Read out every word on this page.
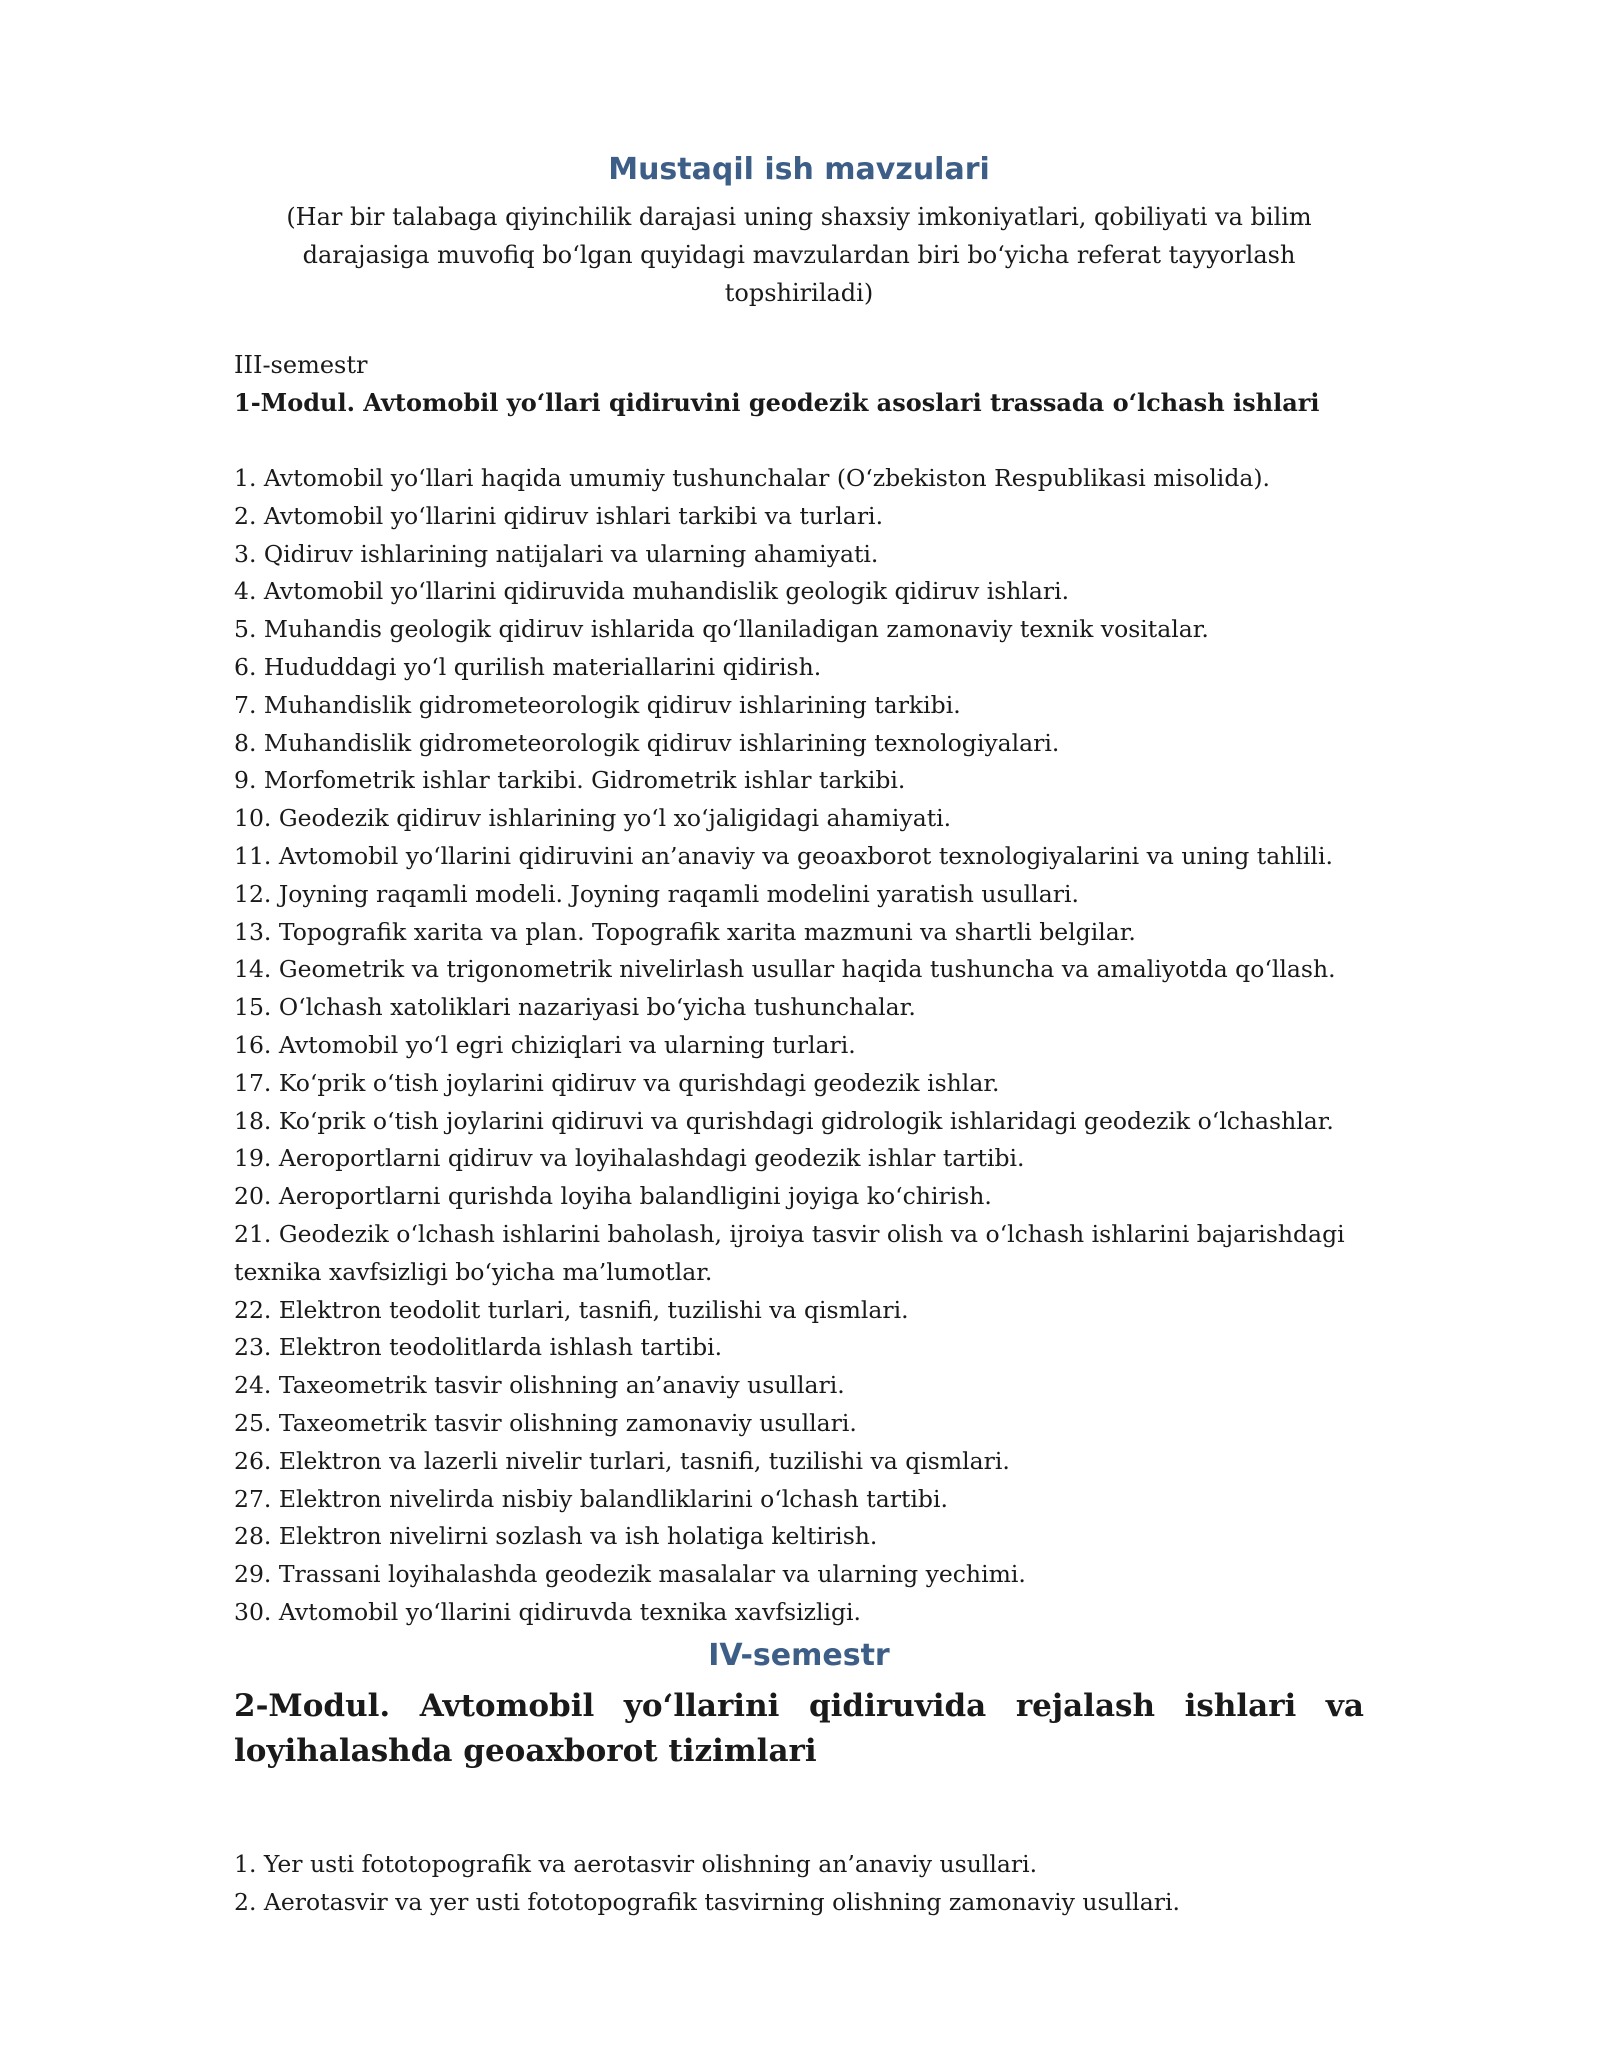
Mustaqil ish mavzulari

(Har bir talabaga qiyinchilik darajasi uning shaxsiy imkoniyatlari, qobiliyati va bilim darajasiga muvofiq bo‘lgan quyidagi mavzulardan biri bo‘yicha referat tayyorlash topshiriladi)

III-semestr
1-Modul. Avtomobil yo‘llari qidiruvini geodezik asoslari trassada o‘lchash ishlari
1. Avtomobil yo‘llari haqida umumiy tushunchalar (O‘zbekiston Respublikasi misolida).
2. Avtomobil yo‘llarini qidiruv ishlari tarkibi va turlari.
3. Qidiruv ishlarining natijalari va ularning ahamiyati.
4. Avtomobil yo‘llarini qidiruvida muhandislik geologik qidiruv ishlari.
5. Muhandis geologik qidiruv ishlarida qo‘llaniladigan zamonaviy texnik vositalar.
6. Hududdagi yo‘l qurilish materiallarini qidirish.
7. Muhandislik gidrometeorologik qidiruv ishlarining tarkibi.
8. Muhandislik gidrometeorologik qidiruv ishlarining texnologiyalari.
9. Morfometrik ishlar tarkibi. Gidrometrik ishlar tarkibi.
10. Geodezik qidiruv ishlarining yo‘l xo‘jaligidagi ahamiyati.
11. Avtomobil yo‘llarini qidiruvini an’anaviy va geoaxborot texnologiyalarini va uning tahlili.
12. Joyning raqamli modeli. Joyning raqamli modelini yaratish usullari.
13. Topografik xarita va plan. Topografik xarita mazmuni va shartli belgilar.
14. Geometrik va trigonometrik nivelirlash usullar haqida tushuncha va amaliyotda qo‘llash.
15. O‘lchash xatoliklari nazariyasi bo‘yicha tushunchalar.
16. Avtomobil yo‘l egri chiziqlari va ularning turlari.
17. Ko‘prik o‘tish joylarini qidiruv va qurishdagi geodezik ishlar.
18. Ko‘prik o‘tish joylarini qidiruvi va qurishdagi gidrologik ishlaridagi geodezik o‘lchashlar.
19. Aeroportlarni qidiruv va loyihalashdagi geodezik ishlar tartibi.
20. Aeroportlarni qurishda loyiha balandligini joyiga ko‘chirish.
21. Geodezik o‘lchash ishlarini baholash, ijroiya tasvir olish va o‘lchash ishlarini bajarishdagi texnika xavfsizligi bo‘yicha ma’lumotlar.
22. Elektron teodolit turlari, tasnifi, tuzilishi va qismlari.
23. Elektron teodolitlarda ishlash tartibi.
24. Taxeometrik tasvir olishning an’anaviy usullari.
25. Taxeometrik tasvir olishning zamonaviy usullari.
26. Elektron va lazerli nivelir turlari, tasnifi, tuzilishi va qismlari.
27. Elektron nivelirda nisbiy balandliklarini o‘lchash tartibi.
28. Elektron nivelirni sozlash va ish holatiga keltirish.
29. Trassani loyihalashda geodezik masalalar va ularning yechimi.
30. Avtomobil yo‘llarini qidiruvda texnika xavfsizligi.
IV-semestr
2-Modul. Avtomobil yo‘llarini qidiruvida rejalash ishlari va loyihalashda geoaxborot tizimlari
1. Yer usti fototopografik va aerotasvir olishning an’anaviy usullari.
2. Aerotasvir va yer usti fototopografik tasvirning olishning zamonaviy usullari.
